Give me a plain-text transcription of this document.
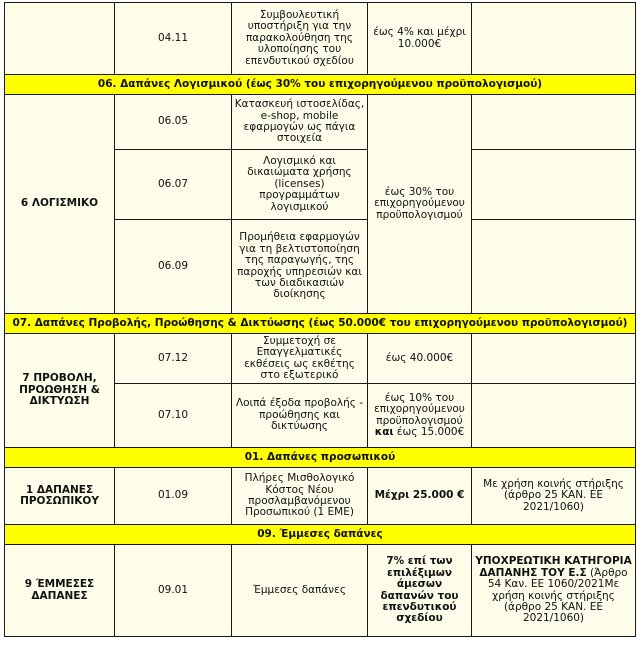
	04.11	Συμβουλευτική υποστήριξη για την παρακολούθηση της υλοποίησης του επενδυτικού σχεδίου	έως 4% και μέχρι 10.000€	
06. Δαπάνες Λογισμικού (έως 30% του επιχορηγούμενου προϋπολογισμού)				
6 ΛΟΓΙΣΜΙΚΟ	06.05	Κατασκευή ιστοσελίδας, e-shop, mobile εφαρμογών ως πάγια στοιχεία	έως 30% του επιχορηγούμενου προϋπολογισμού	
	06.07	Λογισμικό και δικαιώματα χρήσης (licenses) προγραμμάτων λογισμικού		
	06.09	Προμήθεια εφαρμογών για τη βελτιστοποίηση της παραγωγής, της παροχής υπηρεσιών και των διαδικασιών διοίκησης		
07. Δαπάνες Προβολής, Προώθησης & Δικτύωσης (έως 50.000€ του επιχορηγούμενου προϋπολογισμού)				
7 ΠΡΟΒΟΛΗ, ΠΡΟΩΘΗΣΗ & ΔΙΚΤΥΩΣΗ	07.12	Συμμετοχή σε Επαγγελματικές εκθέσεις ως εκθέτης στο εξωτερικό	έως 40.000€	
	07.10	Λοιπά έξοδα προβολής - προώθησης και δικτύωσης	έως 10% του επιχορηγούμενου προϋπολογισμού και έως 15.000€	
01. Δαπάνες προσωπικού				
1 ΔΑΠΑΝΕΣ ΠΡΟΣΩΠΙΚΟΥ	01.09	Πλήρες Μισθολογικό Κόστος Νέου προσλαμβανόμενου Προσωπικού (1 ΕΜΕ)	Μέχρι 25.000 €	Με χρήση κοινής στήριξης (άρθρο 25 ΚΑΝ. ΕΕ 2021/1060)
09. Έμμεσες δαπάνες				
9 ΈΜΜΕΣΕΣ ΔΑΠΑΝΕΣ	09.01	Έμμεσες δαπάνες	7% επί των επιλέξιμων άμεσων δαπανών του επενδυτικού σχεδίου	ΥΠΟΧΡΕΩΤΙΚΗ ΚΑΤΗΓΟΡΙΑ ΔΑΠΑΝΗΣ ΤΟΥ Ε.Σ (Άρθρο 54 Καν. ΕΕ 1060/2021Με χρήση κοινής στήριξης (άρθρο 25 ΚΑΝ. ΕΕ 2021/1060)
